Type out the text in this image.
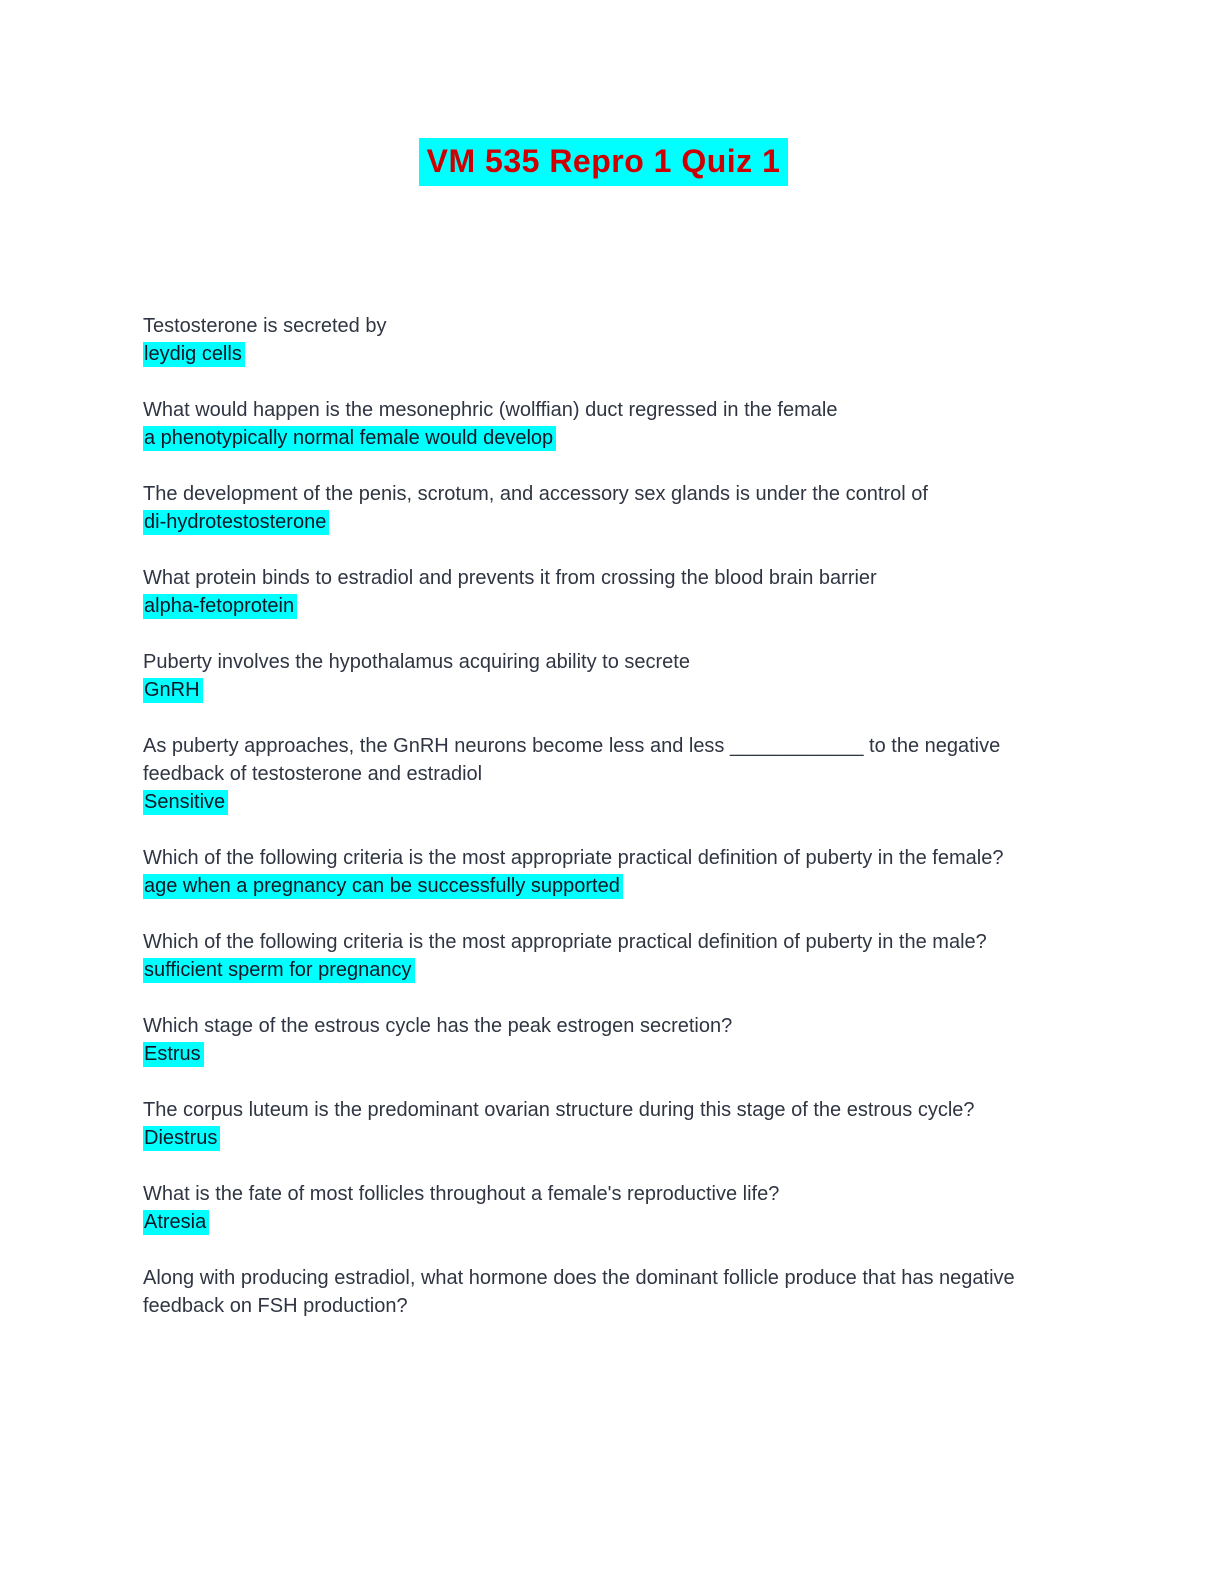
VM 535 Repro 1 Quiz 1

Testosterone is secreted by

leydig cells

What would happen is the mesonephric (wolffian) duct regressed in the female

a phenotypically normal female would develop

The development of the penis, scrotum, and accessory sex glands is under the control of

di-hydrotestosterone

What protein binds to estradiol and prevents it from crossing the blood brain barrier

alpha-fetoprotein

Puberty involves the hypothalamus acquiring ability to secrete

GnRH

As puberty approaches, the GnRH neurons become less and less ____________ to the negative feedback of testosterone and estradiol

Sensitive

Which of the following criteria is the most appropriate practical definition of puberty in the female?

age when a pregnancy can be successfully supported

Which of the following criteria is the most appropriate practical definition of puberty in the male?

sufficient sperm for pregnancy

Which stage of the estrous cycle has the peak estrogen secretion?

Estrus

The corpus luteum is the predominant ovarian structure during this stage of the estrous cycle?

Diestrus

What is the fate of most follicles throughout a female's reproductive life?

Atresia

Along with producing estradiol, what hormone does the dominant follicle produce that has negative feedback on FSH production?
